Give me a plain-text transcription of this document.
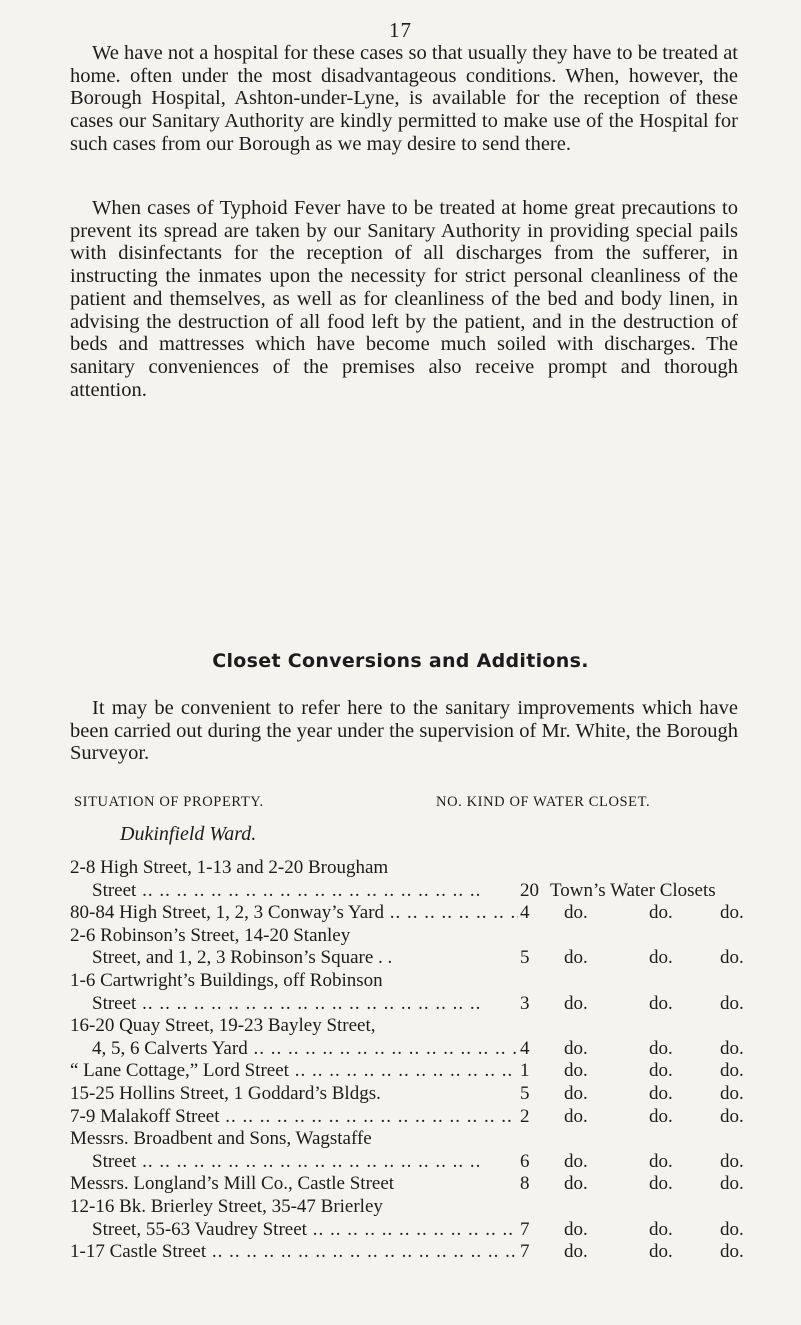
17

We have not a hospital for these cases so that usually they have to be treated at home. often under the most disadvantageous conditions. When, however, the Borough Hospital, Ashton-under-Lyne, is available for the reception of these cases our Sanitary Authority are kindly permitted to make use of the Hospital for such cases from our Borough as we may desire to send there.

When cases of Typhoid Fever have to be treated at home great precautions to prevent its spread are taken by our Sanitary Authority in providing special pails with disinfectants for the reception of all discharges from the sufferer, in instructing the inmates upon the necessity for strict personal cleanliness of the patient and themselves, as well as for cleanliness of the bed and body linen, in advising the destruction of all food left by the patient, and in the destruction of beds and mattresses which have become much soiled with discharges. The sanitary conveniences of the premises also receive prompt and thorough attention.

Closet Conversions and Additions.

It may be convenient to refer here to the sanitary improvements which have been carried out during the year under the supervision of Mr. White, the Borough Surveyor.

SITUATION OF PROPERTY.	NO. KIND OF WATER CLOSET.
Dukinfield Ward.
2-8 High Street, 1-13 and 2-20 Brougham
Street .. ..	20 Town’s Water Closets
80-84 High Street, 1, 2, 3 Conway’s Yard .. ..	4 do.	do. do.
2-6 Robinson’s Street, 14-20 Stanley
Street, and 1, 2, 3 Robinson’s Square . .	5 do.	do. do.
1-6 Cartwright’s Buildings, off Robinson
Street .. ..	3 do.	do. do.
16-20 Quay Street, 19-23 Bayley Street,
4, 5, 6 Calverts Yard .. ..	4 do.	do. do.
“ Lane Cottage,” Lord Street .. ..	1 do.	do. do.
15-25 Hollins Street, 1 Goddard’s Bldgs.	5 do.	do. do.
7-9 Malakoff Street .. ..	2 do.	do. do.
Messrs. Broadbent and Sons, Wagstaffe
Street .. ..	6 do.	do. do.
Messrs. Longland’s Mill Co., Castle Street	8 do.	do. do.
12-16 Bk. Brierley Street, 35-47 Brierley
Street, 55-63 Vaudrey Street .. ..	7 do.	do. do.
1-17 Castle Street .. ..	7 do.	do. do.
